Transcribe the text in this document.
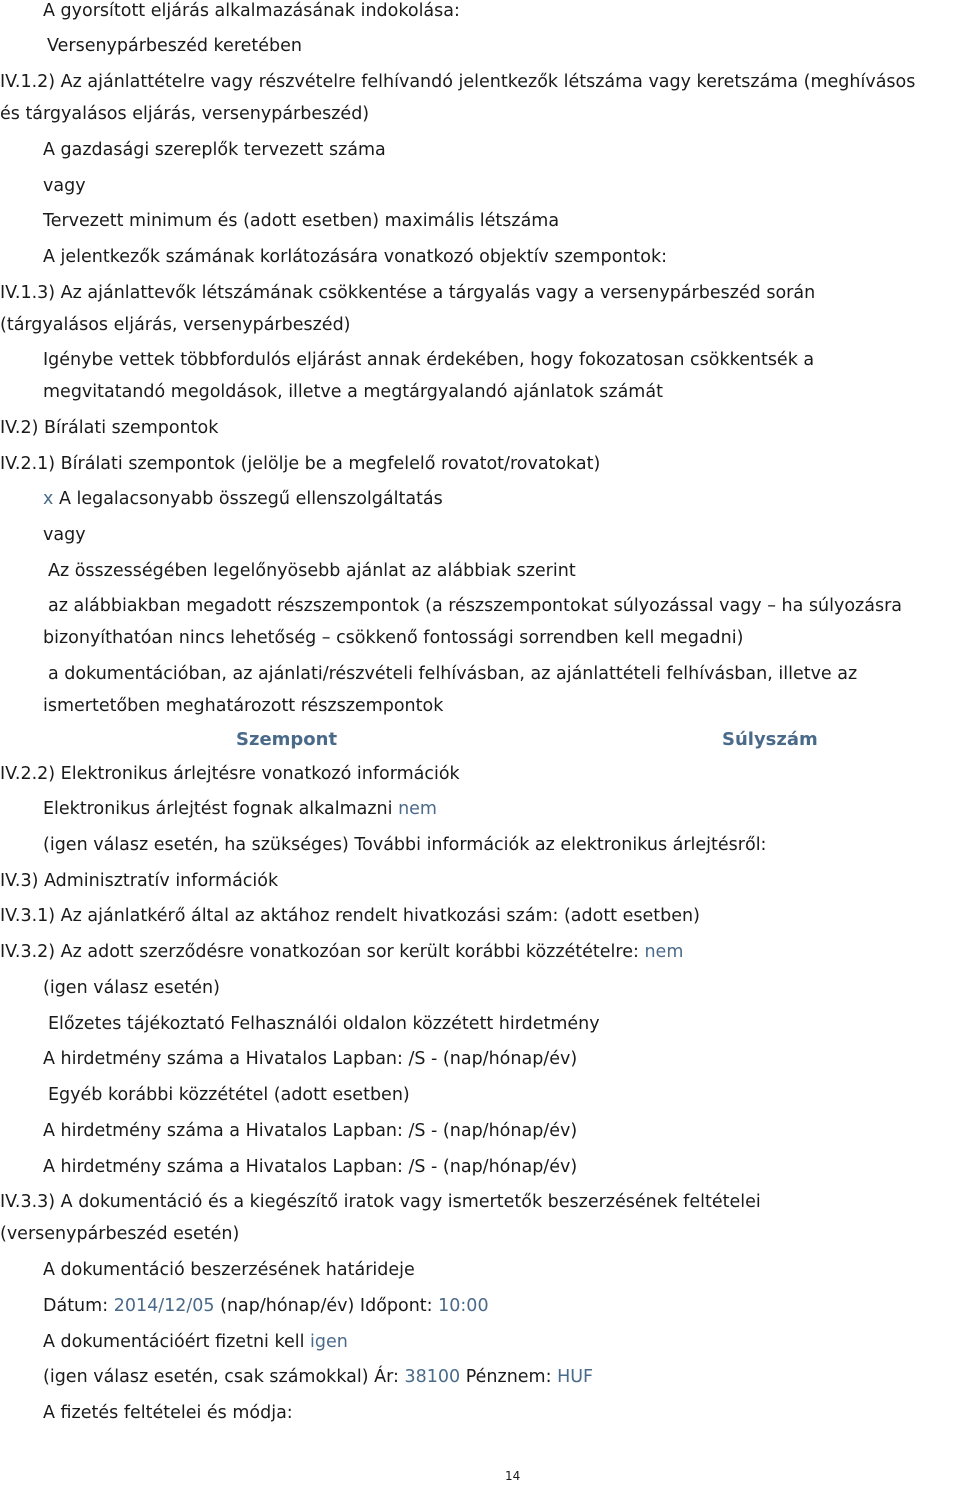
A gyorsított eljárás alkalmazásának indokolása:
Versenypárbeszéd keretében
IV.1.2) Az ajánlattételre vagy részvételre felhívandó jelentkezők létszáma vagy keretszáma (meghívásos
és tárgyalásos eljárás, versenypárbeszéd)
A gazdasági szereplők tervezett száma
vagy
Tervezett minimum és (adott esetben) maximális létszáma
A jelentkezők számának korlátozására vonatkozó objektív szempontok:
IV.1.3) Az ajánlattevők létszámának csökkentése a tárgyalás vagy a versenypárbeszéd során
(tárgyalásos eljárás, versenypárbeszéd)
Igénybe vettek többfordulós eljárást annak érdekében, hogy fokozatosan csökkentsék a
megvitatandó megoldások, illetve a megtárgyalandó ajánlatok számát
IV.2) Bírálati szempontok
IV.2.1) Bírálati szempontok (jelölje be a megfelelő rovatot/rovatokat)
x A legalacsonyabb összegű ellenszolgáltatás
vagy
Az összességében legelőnyösebb ajánlat az alábbiak szerint
az alábbiakban megadott részszempontok (a részszempontokat súlyozással vagy – ha súlyozásra
bizonyíthatóan nincs lehetőség – csökkenő fontossági sorrendben kell megadni)
a dokumentációban, az ajánlati/részvételi felhívásban, az ajánlattételi felhívásban, illetve az
ismertetőben meghatározott részszempontok
Szempont	Súlyszám
IV.2.2) Elektronikus árlejtésre vonatkozó információk
Elektronikus árlejtést fognak alkalmazni nem
(igen válasz esetén, ha szükséges) További információk az elektronikus árlejtésről:
IV.3) Adminisztratív információk
IV.3.1) Az ajánlatkérő által az aktához rendelt hivatkozási szám: (adott esetben)
IV.3.2) Az adott szerződésre vonatkozóan sor került korábbi közzétételre: nem
(igen válasz esetén)
Előzetes tájékoztató Felhasználói oldalon közzétett hirdetmény
A hirdetmény száma a Hivatalos Lapban: /S - (nap/hónap/év)
Egyéb korábbi közzététel (adott esetben)
A hirdetmény száma a Hivatalos Lapban: /S - (nap/hónap/év)
A hirdetmény száma a Hivatalos Lapban: /S - (nap/hónap/év)
IV.3.3) A dokumentáció és a kiegészítő iratok vagy ismertetők beszerzésének feltételei
(versenypárbeszéd esetén)
A dokumentáció beszerzésének határideje
Dátum: 2014/12/05 (nap/hónap/év) Időpont: 10:00
A dokumentációért fizetni kell igen
(igen válasz esetén, csak számokkal) Ár: 38100 Pénznem: HUF
A fizetés feltételei és módja:
14
